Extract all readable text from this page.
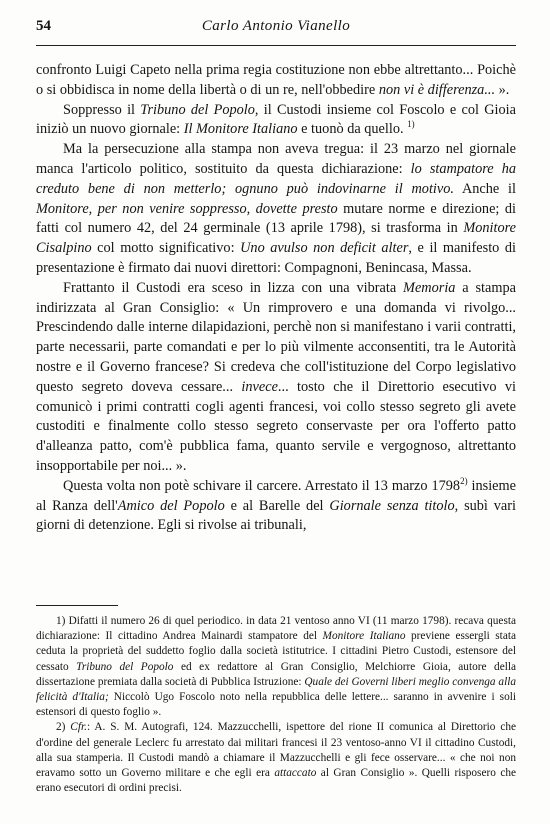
54	Carlo Antonio Vianello

confronto Luigi Capeto nella prima regia costituzione non ebbe altrettanto... Poichè o si obbidisca in nome della libertà o di un re, nell'obbedire non vi è differenza... ».

Soppresso il Tribuno del Popolo, il Custodi insieme col Foscolo e col Gioia iniziò un nuovo giornale: Il Monitore Italiano e tuonò da quello. $^{1)}$

Ma la persecuzione alla stampa non aveva tregua: il 23 marzo nel giornale manca l'articolo politico, sostituito da questa dichiarazione: lo stampatore ha creduto bene di non metterlo; ognuno può indovinarne il motivo. Anche il Monitore, per non venire soppresso, dovette presto mutare norme e direzione; di fatti col numero 42, del 24 germinale (13 aprile 1798), si trasforma in Monitore Cisalpino col motto significativo: Uno avulso non deficit alter, e il manifesto di presentazione è firmato dai nuovi direttori: Compagnoni, Benincasa, Massa.

Frattanto il Custodi era sceso in lizza con una vibrata Memoria a stampa indirizzata al Gran Consiglio: « Un rimprovero e una domanda vi rivolgo... Prescindendo dalle interne dilapidazioni, perchè non si manifestano i varii contratti, parte necessarii, parte comandati e per lo più vilmente acconsentiti, tra le Autorità nostre e il Governo francese? Si credeva che coll'istituzione del Corpo legislativo questo segreto doveva cessare... invece... tosto che il Direttorio esecutivo vi comunicò i primi contratti cogli agenti francesi, voi collo stesso segreto gli avete custoditi e finalmente collo stesso segreto conservaste per ora l'offerto patto d'alleanza patto, com'è pubblica fama, quanto servile e vergognoso, altrettanto insopportabile per noi... ».

Questa volta non potè schivare il carcere. Arrestato il 13 marzo 1798$^{2)}$ insieme al Ranza dell'Amico del Popolo e al Barelle del Giornale senza titolo, subì vari giorni di detenzione. Egli si rivolse ai tribunali,

1) Difatti il numero 26 di quel periodico. in data 21 ventoso anno VI (11 marzo 1798). recava questa dichiarazione: Il cittadino Andrea Mainardi stampatore del Monitore Italiano previene essergli stata ceduta la proprietà del suddetto foglio dalla società istitutrice. I cittadini Pietro Custodi, estensore del cessato Tribuno del Popolo ed ex redattore al Gran Consiglio, Melchiorre Gioia, autore della dissertazione premiata dalla società di Pubblica Istruzione: Quale dei Governi liberi meglio convenga alla felicità d'Italia; Niccolò Ugo Foscolo noto nella repubblica delle lettere... saranno in avvenire i soli estensori di questo foglio ».

2) Cfr.: A. S. M. Autografi, 124. Mazzucchelli, ispettore del rione II comunica al Direttorio che d'ordine del generale Leclerc fu arrestato dai militari francesi il 23 ventoso-anno VI il cittadino Custodi, alla sua stamperia. Il Custodi mandò a chiamare il Mazzucchelli e gli fece osservare... « che noi non eravamo sotto un Governo militare e che egli era attaccato al Gran Consiglio ». Quelli risposero che erano esecutori di ordini precisi.
